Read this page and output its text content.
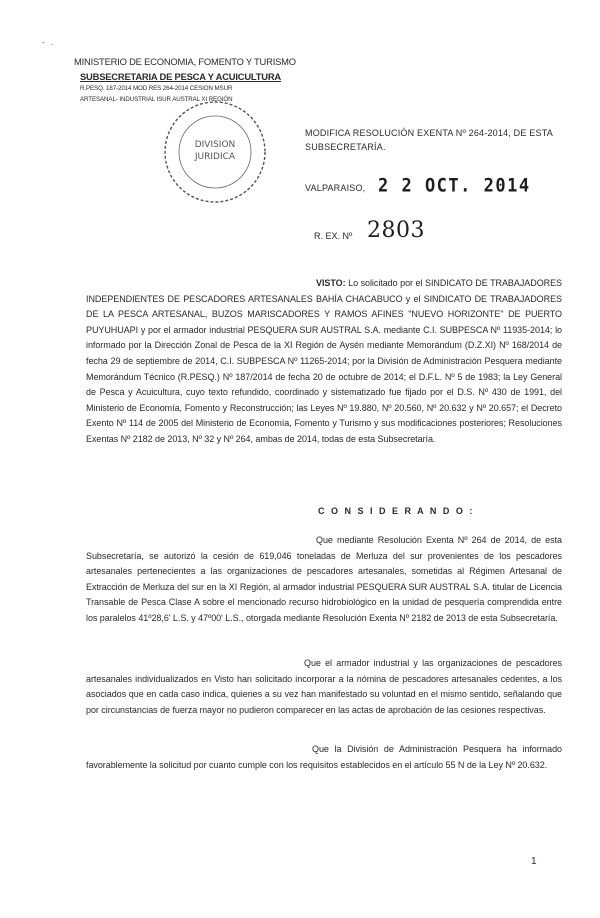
- .
MINISTERIO DE ECONOMIA, FOMENTO Y TURISMO
SUBSECRETARIA DE PESCA Y ACUICULTURA
R.PESQ. 187-2014 MOD RES 264-2014 CESION MSUR
ARTESANAL- INDUSTRIAL ISUR AUSTRAL XI REGIÓN
DIVISION
JURIDICA
MODIFICA RESOLUCIÓN EXENTA Nº 264-2014, DE ESTA SUBSECRETARÍA.
VALPARAISO, 2 2 OCT. 2014
R. EX. Nº 2803
VISTO: Lo solicitado por el SINDICATO DE TRABAJADORES INDEPENDIENTES DE PESCADORES ARTESANALES BAHÍA CHACABUCO y el SINDICATO DE TRABAJADORES DE LA PESCA ARTESANAL, BUZOS MARISCADORES Y RAMOS AFINES "NUEVO HORIZONTE" DE PUERTO PUYUHUAPI y por el armador industrial PESQUERA SUR AUSTRAL S.A. mediante C.I. SUBPESCA Nº 11935-2014; lo informado por la Dirección Zonal de Pesca de la XI Región de Aysén mediante Memorándum (D.Z.XI) Nº 168/2014 de fecha 29 de septiembre de 2014, C.I. SUBPESCA Nº 11265-2014; por la División de Administración Pesquera mediante Memorándum Técnico (R.PESQ.) Nº 187/2014 de fecha 20 de octubre de 2014; el D.F.L. Nº 5 de 1983; la Ley General de Pesca y Acuicultura, cuyo texto refundido, coordinado y sistematizado fue fijado por el D.S. Nº 430 de 1991, del Ministerio de Economía, Fomento y Reconstrucción; las Leyes Nº 19.880, Nº 20.560, Nº 20.632 y Nº 20.657; el Decreto Exento Nº 114 de 2005 del Ministerio de Economía, Fomento y Turismo y sus modificaciones posteriores; Resoluciones Exentas Nº 2182 de 2013, Nº 32 y Nº 264, ambas de 2014, todas de esta Subsecretaría.
C O N S I D E R A N D O :
Que mediante Resolución Exenta Nº 264 de 2014, de esta Subsecretaría, se autorizó la cesión de 619,046 toneladas de Merluza del sur provenientes de los pescadores artesanales pertenecientes a las organizaciones de pescadores artesanales, sometidas al Régimen Artesanal de Extracción de Merluza del sur en la XI Región, al armador industrial PESQUERA SUR AUSTRAL S.A. titular de Licencia Transable de Pesca Clase A sobre el mencionado recurso hidrobiológico en la unidad de pesquería comprendida entre los paralelos 41º28,6' L.S. y 47º00' L.S., otorgada mediante Resolución Exenta Nº 2182 de 2013 de esta Subsecretaría.
Que el armador industrial y las organizaciones de pescadores artesanales individualizados en Visto han solicitado incorporar a la nómina de pescadores artesanales cedentes, a los asociados que en cada caso indica, quienes a su vez han manifestado su voluntad en el mismo sentido, señalando que por circunstancias de fuerza mayor no pudieron comparecer en las actas de aprobación de las cesiones respectivas.
Que la División de Administración Pesquera ha informado favorablemente la solicitud por cuanto cumple con los requisitos establecidos en el artículo 55 N de la Ley Nº 20.632.
1
